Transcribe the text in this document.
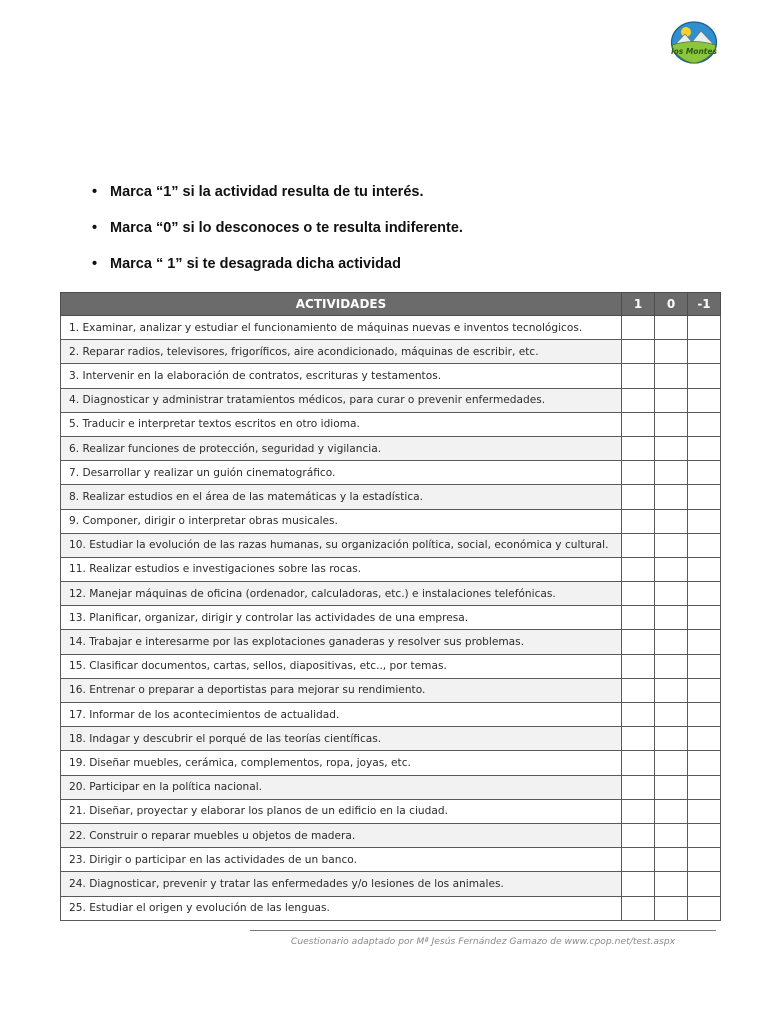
los Montes
• Marca “1” si la actividad resulta de tu interés.
• Marca “0” si lo desconoces o te resulta indiferente.
• Marca “ 1” si te desagrada dicha actividad
ACTIVIDADES	1	0	-1
1. Examinar, analizar y estudiar el funcionamiento de máquinas nuevas e inventos tecnológicos.			
2. Reparar radios, televisores, frigoríficos, aire acondicionado, máquinas de escribir, etc.			
3. Intervenir en la elaboración de contratos, escrituras y testamentos.			
4. Diagnosticar y administrar tratamientos médicos, para curar o prevenir enfermedades.			
5. Traducir e interpretar textos escritos en otro idioma.			
6. Realizar funciones de protección, seguridad y vigilancia.			
7. Desarrollar y realizar un guión cinematográfico.			
8. Realizar estudios en el área de las matemáticas y la estadística.			
9. Componer, dirigir o interpretar obras musicales.			
10. Estudiar la evolución de las razas humanas, su organización política, social, económica y cultural.			
11. Realizar estudios e investigaciones sobre las rocas.			
12. Manejar máquinas de oficina (ordenador, calculadoras, etc.) e instalaciones telefónicas.			
13. Planificar, organizar, dirigir y controlar las actividades de una empresa.			
14. Trabajar e interesarme por las explotaciones ganaderas y resolver sus problemas.			
15. Clasificar documentos, cartas, sellos, diapositivas, etc.., por temas.			
16. Entrenar o preparar a deportistas para mejorar su rendimiento.			
17. Informar de los acontecimientos de actualidad.			
18. Indagar y descubrir el porqué de las teorías científicas.			
19. Diseñar muebles, cerámica, complementos, ropa, joyas, etc.			
20. Participar en la política nacional.			
21. Diseñar, proyectar y elaborar los planos de un edificio en la ciudad.			
22. Construir o reparar muebles u objetos de madera.			
23. Dirigir o participar en las actividades de un banco.			
24. Diagnosticar, prevenir y tratar las enfermedades y/o lesiones de los animales.			
25. Estudiar el origen y evolución de las lenguas.			
Cuestionario adaptado por Mª Jesús Fernández Gamazo de www.cpop.net/test.aspx
